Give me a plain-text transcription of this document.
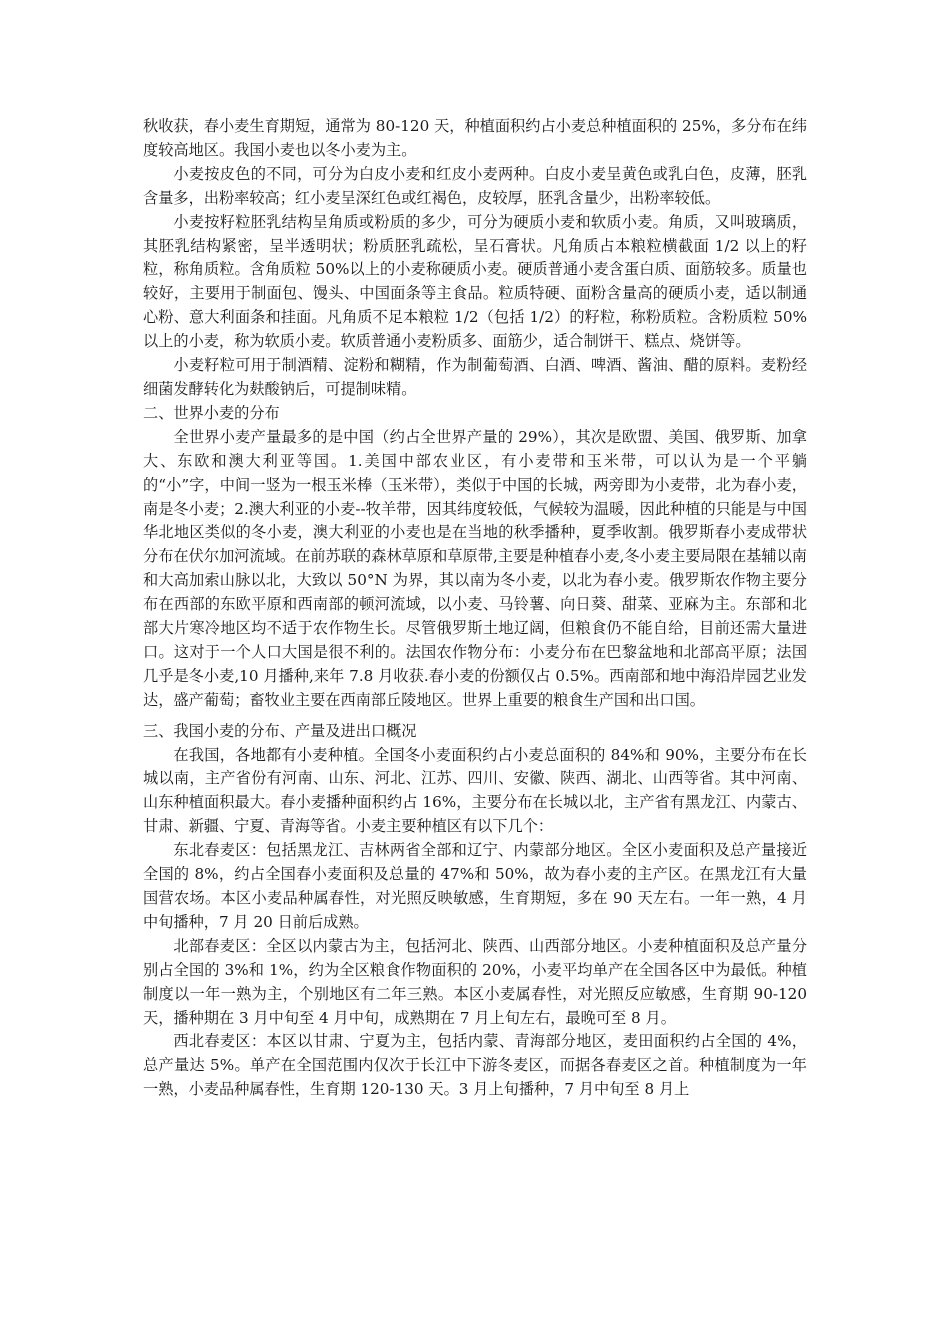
秋收获，春小麦生育期短，通常为 80-120 天，种植面积约占小麦总种植面积的 25%，多分布在纬度较高地区。我国小麦也以冬小麦为主。

小麦按皮色的不同，可分为白皮小麦和红皮小麦两种。白皮小麦呈黄色或乳白色，皮薄，胚乳含量多，出粉率较高；红小麦呈深红色或红褐色，皮较厚，胚乳含量少，出粉率较低。

小麦按籽粒胚乳结构呈角质或粉质的多少，可分为硬质小麦和软质小麦。角质，又叫玻璃质，其胚乳结构紧密，呈半透明状；粉质胚乳疏松，呈石膏状。凡角质占本粮粒横截面 1/2 以上的籽粒，称角质粒。含角质粒 50%以上的小麦称硬质小麦。硬质普通小麦含蛋白质、面筋较多。质量也较好，主要用于制面包、馒头、中国面条等主食品。粒质特硬、面粉含量高的硬质小麦，适以制通心粉、意大利面条和挂面。凡角质不足本粮粒 1/2（包括 1/2）的籽粒，称粉质粒。含粉质粒 50%以上的小麦，称为软质小麦。软质普通小麦粉质多、面筋少，适合制饼干、糕点、烧饼等。

小麦籽粒可用于制酒精、淀粉和糊精，作为制葡萄酒、白酒、啤酒、酱油、醋的原料。麦粉经细菌发酵转化为麸酸钠后，可提制味精。

二、世界小麦的分布

全世界小麦产量最多的是中国（约占全世界产量的 29%），其次是欧盟、美国、俄罗斯、加拿大、东欧和澳大利亚等国。1.美国中部农业区，有小麦带和玉米带，可以认为是一个平躺的“小”字，中间一竖为一根玉米棒（玉米带），类似于中国的长城，两旁即为小麦带，北为春小麦，南是冬小麦；2.澳大利亚的小麦--牧羊带，因其纬度较低，气候较为温暖，因此种植的只能是与中国华北地区类似的冬小麦，澳大利亚的小麦也是在当地的秋季播种，夏季收割。俄罗斯春小麦成带状分布在伏尔加河流域。在前苏联的森林草原和草原带,主要是种植春小麦,冬小麦主要局限在基辅以南和大高加索山脉以北，大致以 50°N 为界，其以南为冬小麦，以北为春小麦。俄罗斯农作物主要分布在西部的东欧平原和西南部的顿河流域，以小麦、马铃薯、向日葵、甜菜、亚麻为主。东部和北部大片寒冷地区均不适于农作物生长。尽管俄罗斯土地辽阔，但粮食仍不能自给，目前还需大量进口。这对于一个人口大国是很不利的。法国农作物分布：小麦分布在巴黎盆地和北部高平原；法国几乎是冬小麦,10 月播种,来年 7.8 月收获.春小麦的份额仅占 0.5%。西南部和地中海沿岸园艺业发达，盛产葡萄；畜牧业主要在西南部丘陵地区。世界上重要的粮食生产国和出口国。

三、我国小麦的分布、产量及进出口概况

在我国，各地都有小麦种植。全国冬小麦面积约占小麦总面积的 84%和 90%，主要分布在长城以南，主产省份有河南、山东、河北、江苏、四川、安徽、陕西、湖北、山西等省。其中河南、山东种植面积最大。春小麦播种面积约占 16%，主要分布在长城以北，主产省有黑龙江、内蒙古、甘肃、新疆、宁夏、青海等省。小麦主要种植区有以下几个：

东北春麦区：包括黑龙江、吉林两省全部和辽宁、内蒙部分地区。全区小麦面积及总产量接近全国的 8%，约占全国春小麦面积及总量的 47%和 50%，故为春小麦的主产区。在黑龙江有大量国营农场。本区小麦品种属春性，对光照反映敏感，生育期短，多在 90 天左右。一年一熟，4 月中旬播种，7 月 20 日前后成熟。

北部春麦区：全区以内蒙古为主，包括河北、陕西、山西部分地区。小麦种植面积及总产量分别占全国的 3%和 1%，约为全区粮食作物面积的 20%，小麦平均单产在全国各区中为最低。种植制度以一年一熟为主，个别地区有二年三熟。本区小麦属春性，对光照反应敏感，生育期 90-120 天，播种期在 3 月中旬至 4 月中旬，成熟期在 7 月上旬左右，最晚可至 8 月。

西北春麦区：本区以甘肃、宁夏为主，包括内蒙、青海部分地区，麦田面积约占全国的 4%，总产量达 5%。单产在全国范围内仅次于长江中下游冬麦区，而据各春麦区之首。种植制度为一年一熟，小麦品种属春性，生育期 120-130 天。3 月上旬播种，7 月中旬至 8 月上
